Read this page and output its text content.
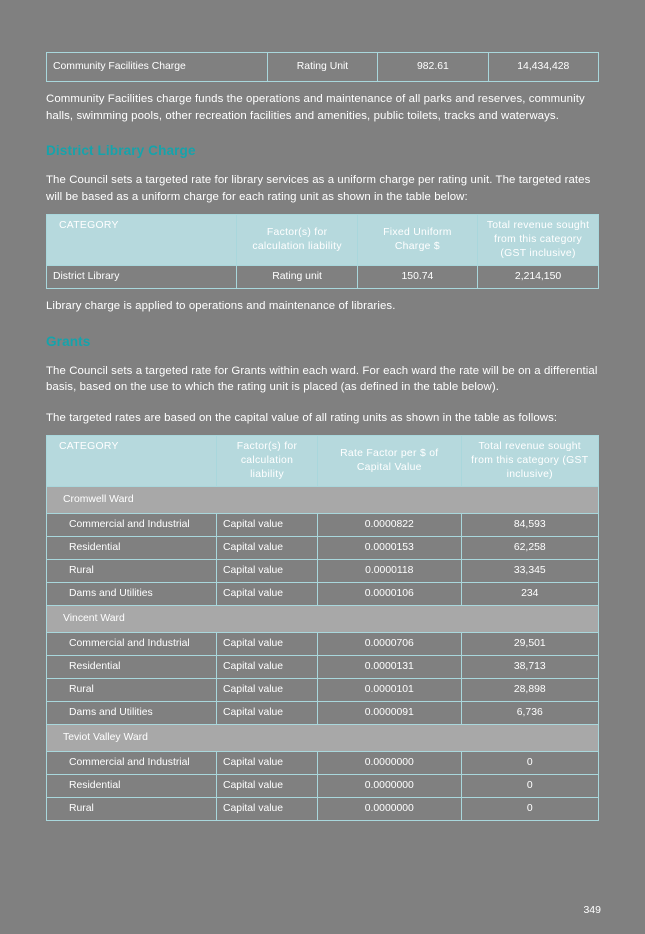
Community Facilities Charge	Rating Unit	982.61	14,434,428

Community Facilities charge funds the operations and maintenance of all parks and reserves, community halls, swimming pools, other recreation facilities and amenities, public toilets, tracks and waterways.

District Library Charge

The Council sets a targeted rate for library services as a uniform charge per rating unit. The targeted rates will be based as a uniform charge for each rating unit as shown in the table below:

CATEGORY	Factor(s) for calculation liability	Fixed Uniform Charge $	Total revenue sought from this category (GST inclusive)
District Library	Rating unit	150.74	2,214,150

Library charge is applied to operations and maintenance of libraries.

Grants

The Council sets a targeted rate for Grants within each ward. For each ward the rate will be on a differential basis, based on the use to which the rating unit is placed (as defined in the table below).

The targeted rates are based on the capital value of all rating units as shown in the table as follows:

CATEGORY	Factor(s) for calculation liability	Rate Factor per $ of Capital Value	Total revenue sought from this category (GST inclusive)
Cromwell Ward			
Commercial and Industrial	Capital value	0.0000822	84,593
Residential	Capital value	0.0000153	62,258
Rural	Capital value	0.0000118	33,345
Dams and Utilities	Capital value	0.0000106	234
Vincent Ward			
Commercial and Industrial	Capital value	0.0000706	29,501
Residential	Capital value	0.0000131	38,713
Rural	Capital value	0.0000101	28,898
Dams and Utilities	Capital value	0.0000091	6,736
Teviot Valley Ward			
Commercial and Industrial	Capital value	0.0000000	0
Residential	Capital value	0.0000000	0
Rural	Capital value	0.0000000	0
349
